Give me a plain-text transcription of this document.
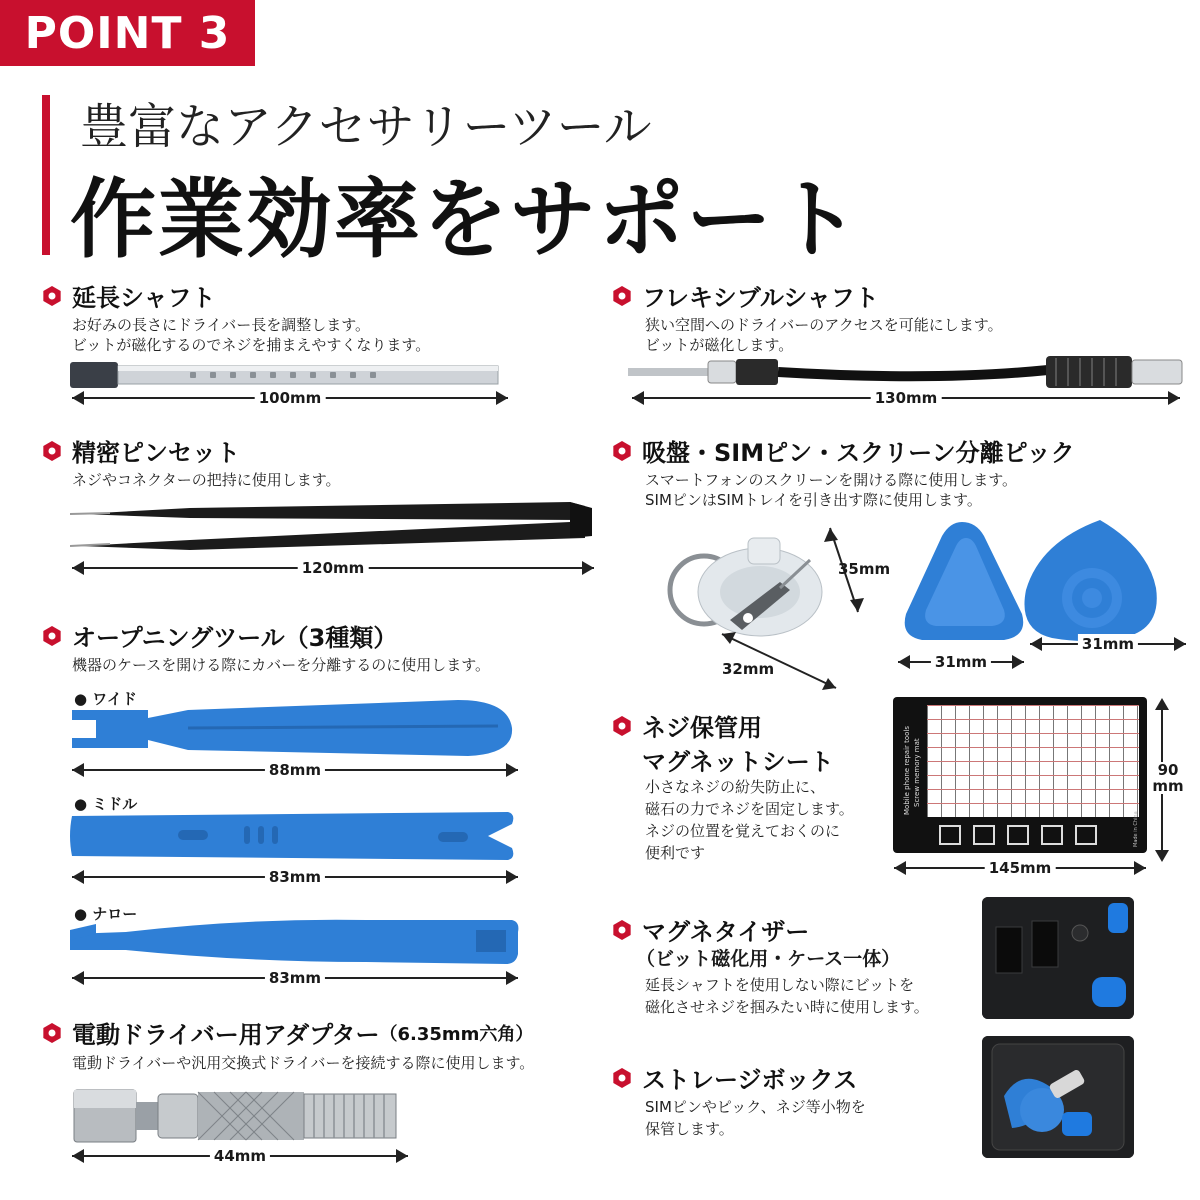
POINT 3
豊富なアクセサリーツール
作業効率をサポート
延長シャフト
お好みの長さにドライバー長を調整します。
ビットが磁化するのでネジを捕まえやすくなります。
100mm
フレキシブルシャフト
狭い空間へのドライバーのアクセスを可能にします。
ビットが磁化します。
130mm
精密ピンセット
ネジやコネクターの把持に使用します。
120mm
吸盤・SIMピン・スクリーン分離ピック
スマートフォンのスクリーンを開ける際に使用します。
SIMピンはSIMトレイを引き出す際に使用します。
35mm
32mm	31mm
31mm
オープニングツール（3種類）
機器のケースを開ける際にカバーを分離するのに使用します。
● ワイド
88mm
● ミドル
83mm
● ナロー
83mm
ネジ保管用
マグネットシート
小さなネジの紛失防止に、
磁石の力でネジを固定します。
ネジの位置を覚えておくのに
便利です
Mobile phone repair tools Screw memory mat
Made in China
90
mm
145mm
マグネタイザー
（ビット磁化用・ケース一体）
延長シャフトを使用しない際にビットを
磁化させネジを掴みたい時に使用します。
電動ドライバー用アダプター （6.35mm六角）
電動ドライバーや汎用交換式ドライバーを接続する際に使用します。
44mm
ストレージボックス
SIMピンやピック、ネジ等小物を
保管します。
